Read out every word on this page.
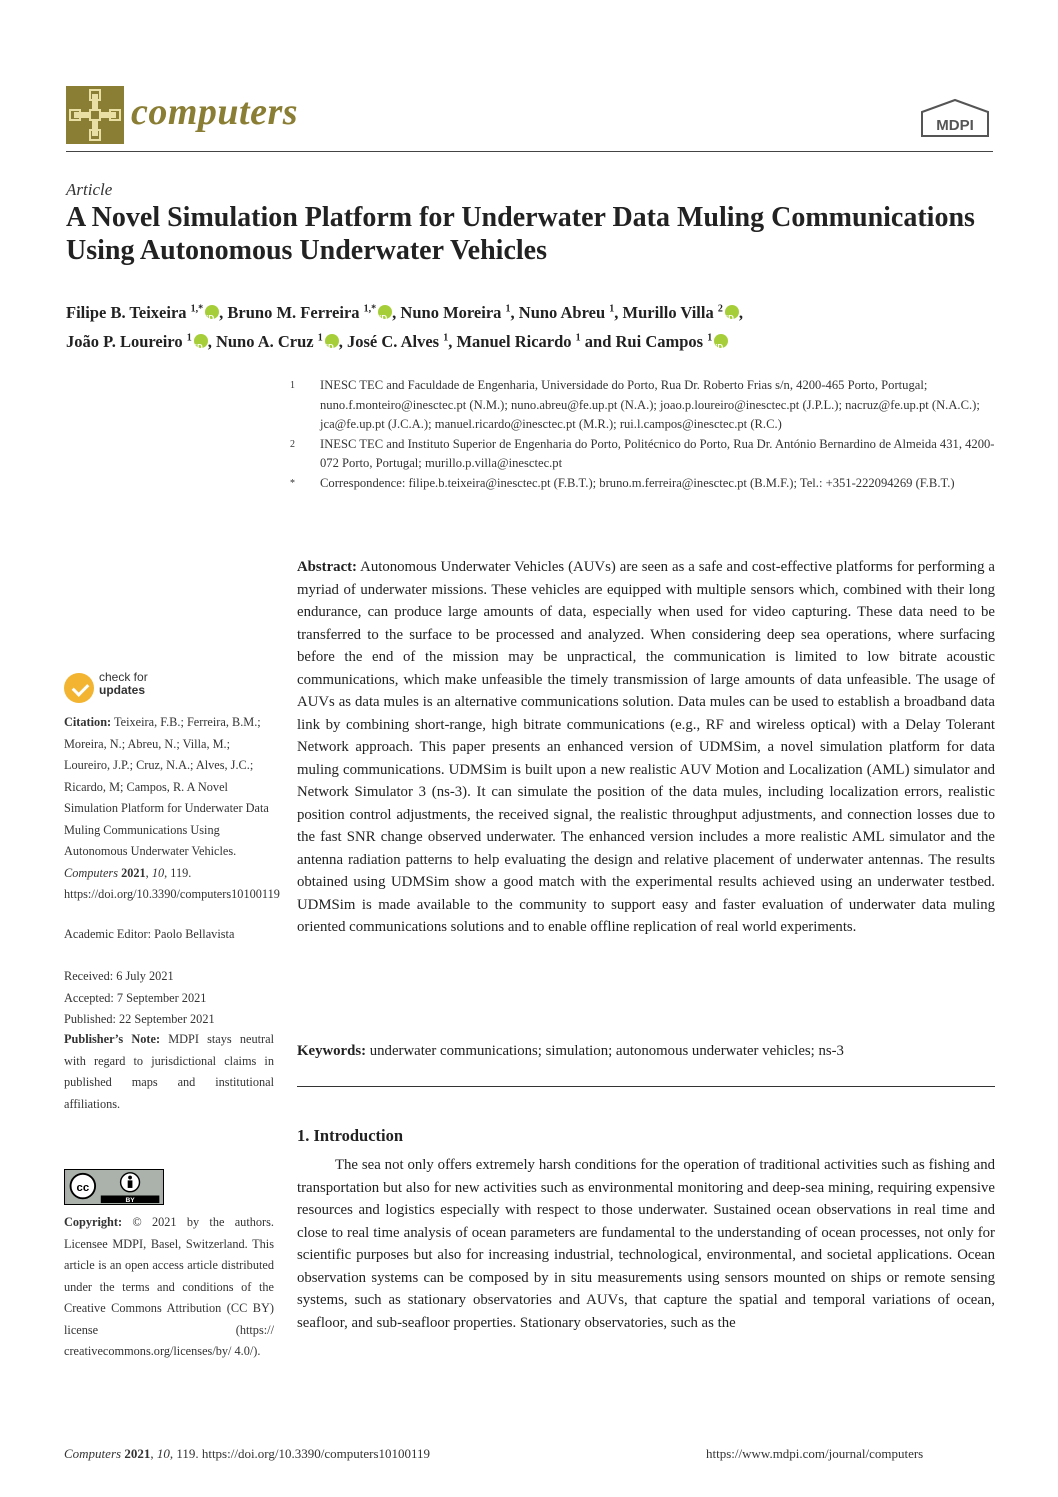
computers	MDPI
Article
A Novel Simulation Platform for Underwater Data Muling Communications Using Autonomous Underwater Vehicles
Filipe B. Teixeira $^{1,*}$ iD , Bruno M. Ferreira $^{1,*}$ iD , Nuno Moreira $^1$, Nuno Abreu $^1$, Murillo Villa $^2$ iD ,
João P. Loureiro $^1$ iD , Nuno A. Cruz $^1$ iD , José C. Alves $^1$, Manuel Ricardo $^1$ and Rui Campos $^1$iD
1	INESC TEC and Faculdade de Engenharia, Universidade do Porto, Rua Dr. Roberto Frias s/n, 4200-465 Porto, Portugal; nuno.f.monteiro@inesctec.pt (N.M.); nuno.abreu@fe.up.pt (N.A.); joao.p.loureiro@inesctec.pt (J.P.L.); nacruz@fe.up.pt (N.A.C.); jca@fe.up.pt (J.C.A.); manuel.ricardo@inesctec.pt (M.R.); rui.l.campos@inesctec.pt (R.C.)
2	INESC TEC and Instituto Superior de Engenharia do Porto, Politécnico do Porto, Rua Dr. António Bernardino de Almeida 431, 4200-072 Porto, Portugal; murillo.p.villa@inesctec.pt
*	Correspondence: filipe.b.teixeira@inesctec.pt (F.B.T.); bruno.m.ferreira@inesctec.pt (B.M.F.); Tel.: +351-222094269 (F.B.T.)
Abstract: Autonomous Underwater Vehicles (AUVs) are seen as a safe and cost-effective platforms for performing a myriad of underwater missions. These vehicles are equipped with multiple sensors which, combined with their long endurance, can produce large amounts of data, especially when used for video capturing. These data need to be transferred to the surface to be processed and analyzed. When considering deep sea operations, where surfacing before the end of the mission may be unpractical, the communication is limited to low bitrate acoustic communications, which make unfeasible the timely transmission of large amounts of data unfeasible. The usage of AUVs as data mules is an alternative communications solution. Data mules can be used to establish a broadband data link by combining short-range, high bitrate communications (e.g., RF and wireless optical) with a Delay Tolerant Network approach. This paper presents an enhanced version of UDMSim, a novel simulation platform for data muling communications. UDMSim is built upon a new realistic AUV Motion and Localization (AML) simulator and Network Simulator 3 (ns-3). It can simulate the position of the data mules, including localization errors, realistic position control adjustments, the received signal, the realistic throughput adjustments, and connection losses due to the fast SNR change observed underwater. The enhanced version includes a more realistic AML simulator and the antenna radiation patterns to help evaluating the design and relative placement of underwater antennas. The results obtained using UDMSim show a good match with the experimental results achieved using an underwater testbed. UDMSim is made available to the community to support easy and faster evaluation of underwater data muling oriented communications solutions and to enable offline replication of real world experiments.
Keywords: underwater communications; simulation; autonomous underwater vehicles; ns-3
1. Introduction
The sea not only offers extremely harsh conditions for the operation of traditional activities such as fishing and transportation but also for new activities such as environmental monitoring and deep-sea mining, requiring expensive resources and logistics especially with respect to those underwater. Sustained ocean observations in real time and close to real time analysis of ocean parameters are fundamental to the understanding of ocean processes, not only for scientific purposes but also for increasing industrial, technological, environmental, and societal applications. Ocean observation systems can be composed by in situ measurements using sensors mounted on ships or remote sensing systems, such as stationary observatories and AUVs, that capture the spatial and temporal variations of ocean, seafloor, and sub-seafloor properties. Stationary observatories, such as the
check for
updates
Citation: Teixeira, F.B.; Ferreira, B.M.; Moreira, N.; Abreu, N.; Villa, M.; Loureiro, J.P.; Cruz, N.A.; Alves, J.C.; Ricardo, M; Campos, R. A Novel Simulation Platform for Underwater Data Muling Communications Using Autonomous Underwater Vehicles. Computers 2021, 10, 119. https://doi.org/10.3390/computers10100119
Academic Editor: Paolo Bellavista
Received: 6 July 2021
Accepted: 7 September 2021
Published: 22 September 2021
Publisher’s Note: MDPI stays neutral with regard to jurisdictional claims in published maps and institutional affiliations.
cc
BY
Copyright: © 2021 by the authors. Licensee MDPI, Basel, Switzerland. This article is an open access article distributed under the terms and conditions of the Creative Commons Attribution (CC BY) license (https:// creativecommons.org/licenses/by/ 4.0/).
Computers 2021, 10, 119. https://doi.org/10.3390/computers10100119	https://www.mdpi.com/journal/computers
